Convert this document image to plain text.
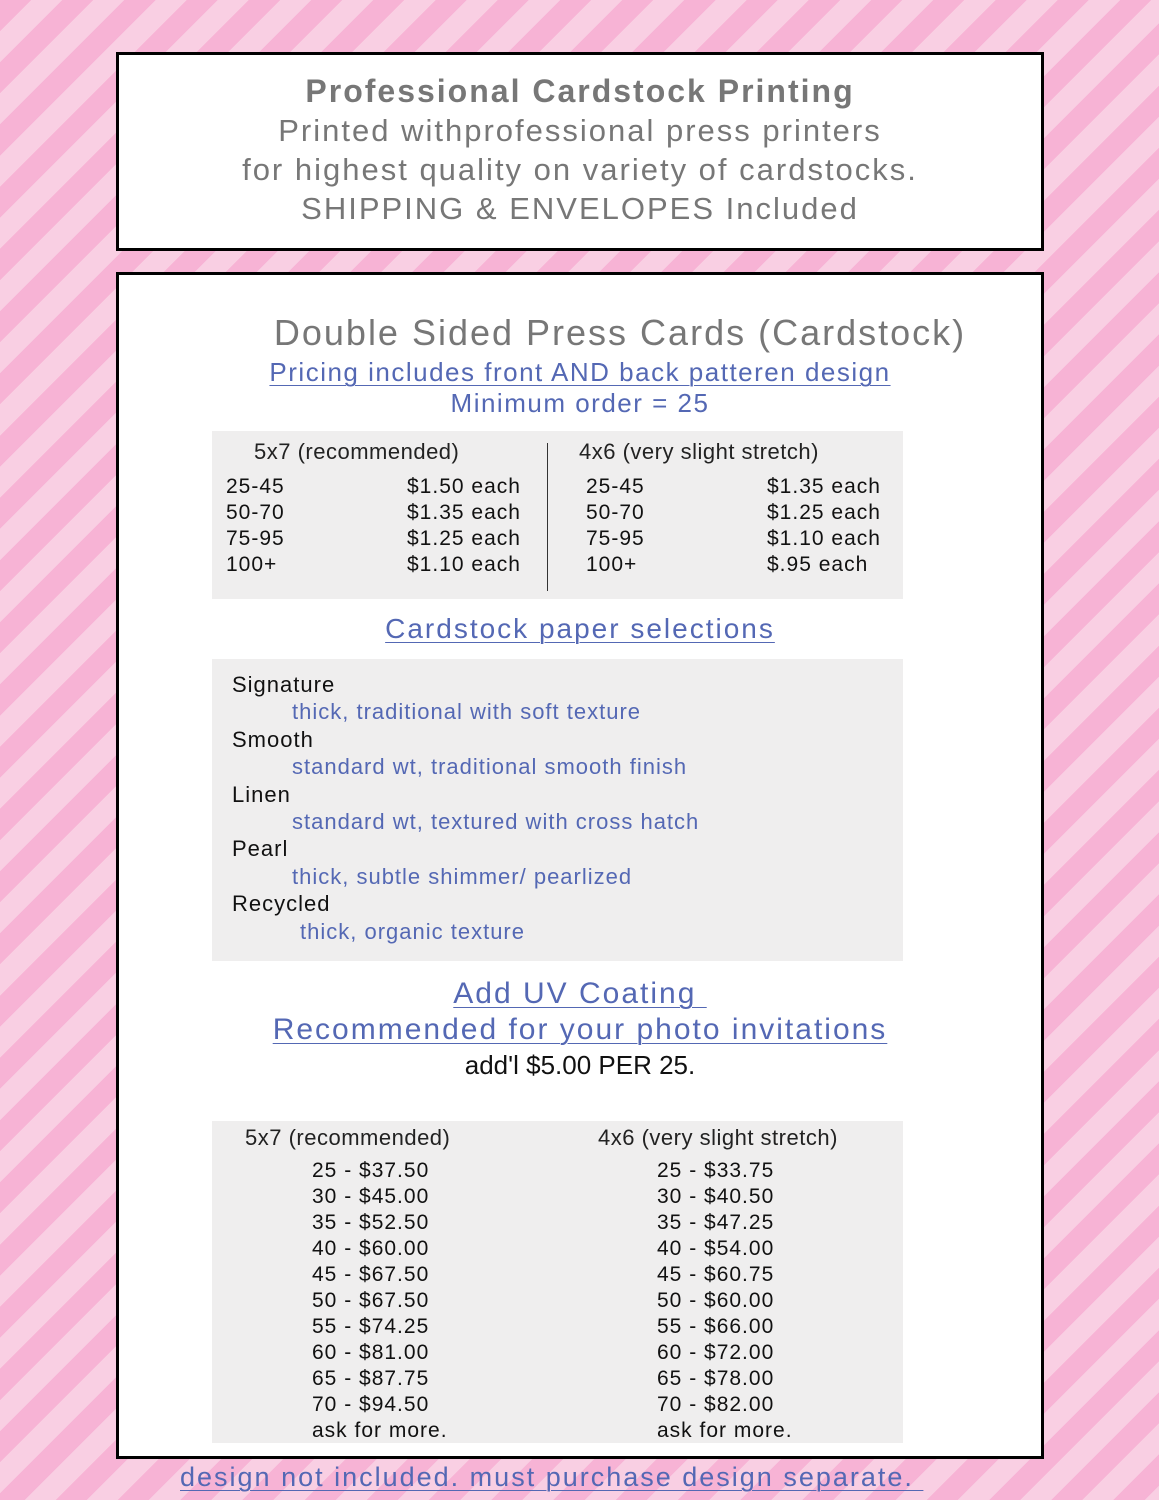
Professional Cardstock Printing
Printed withprofessional press printers
for highest quality on variety of cardstocks.
SHIPPING & ENVELOPES Included
Double Sided Press Cards (Cardstock)
Pricing includes front AND back patteren design
Minimum order = 25
5x7 (recommended)	4x6 (very slight stretch)
25-45
50-70
75-95
100+
$1.50 each
$1.35 each
$1.25 each
$1.10 each
25-45
50-70
75-95
100+
$1.35 each
$1.25 each
$1.10 each
$.95 each
Cardstock paper selections
Signature
thick, traditional with soft texture
Smooth
standard wt, traditional smooth finish
Linen
standard wt, textured with cross hatch
Pearl
thick, subtle shimmer/ pearlized
Recycled
thick, organic texture
Add UV Coating
Recommended for your photo invitations
add'l $5.00 PER 25.
5x7 (recommended)	4x6 (very slight stretch)
25 - $37.50
30 - $45.00
35 - $52.50
40 - $60.00
45 - $67.50
50 - $67.50
55 - $74.25
60 - $81.00
65 - $87.75
70 - $94.50
ask for more.
25 - $33.75
30 - $40.50
35 - $47.25
40 - $54.00
45 - $60.75
50 - $60.00
55 - $66.00
60 - $72.00
65 - $78.00
70 - $82.00
ask for more.
design not included. must purchase design separate.
